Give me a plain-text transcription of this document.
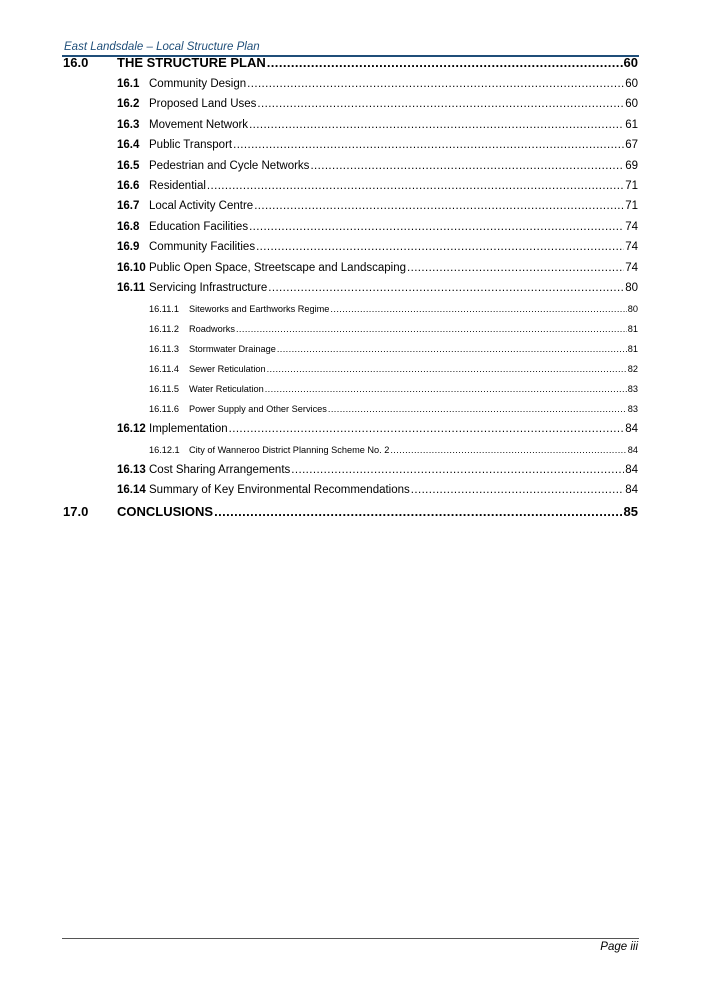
East Landsdale – Local Structure Plan
16.0	THE STRUCTURE PLAN .....	60
16.1 Community Design .....	60
16.2 Proposed Land Uses .....	60
16.3 Movement Network .....	61
16.4 Public Transport .....	67
16.5 Pedestrian and Cycle Networks .....	69
16.6 Residential .....	71
16.7 Local Activity Centre .....	71
16.8 Education Facilities .....	74
16.9 Community Facilities .....	74
16.10 Public Open Space, Streetscape and Landscaping .....	74
16.11 Servicing Infrastructure .....	80
16.11.1	Siteworks and Earthworks Regime .....	80
16.11.2	Roadworks .....	81
16.11.3	Stormwater Drainage .....	81
16.11.4	Sewer Reticulation .....	82
16.11.5	Water Reticulation .....	83
16.11.6	Power Supply and Other Services .....	83
16.12 Implementation .....	84
16.12.1	City of Wanneroo District Planning Scheme No. 2 .....	84
16.13 Cost Sharing Arrangements .....	84
16.14 Summary of Key Environmental Recommendations .....	84
17.0	CONCLUSIONS .....	85
Page iii
